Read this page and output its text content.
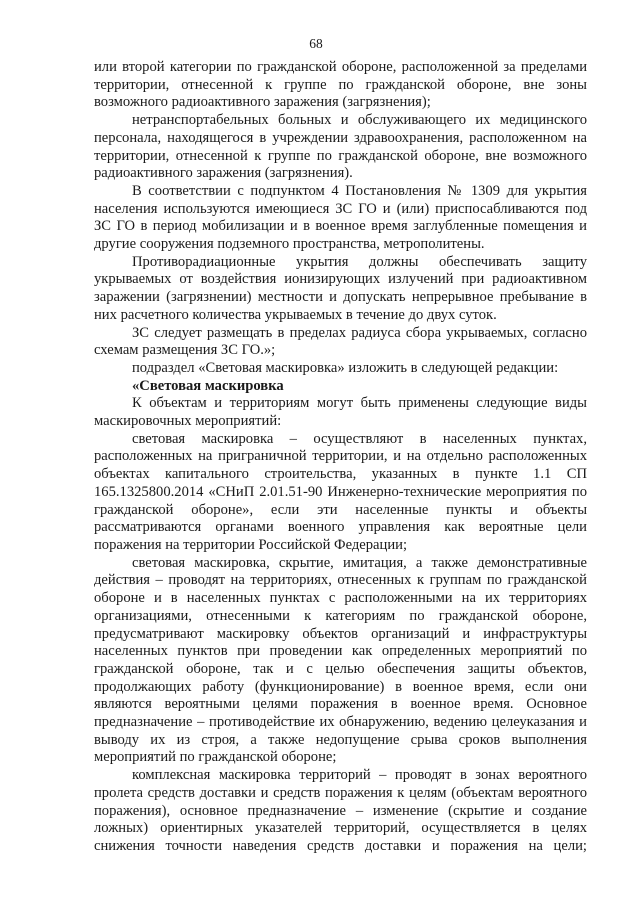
68

или второй категории по гражданской обороне, расположенной за пределами территории, отнесенной к группе по гражданской обороне, вне зоны возможного радиоактивного заражения (загрязнения);

нетранспортабельных больных и обслуживающего их медицинского персонала, находящегося в учреждении здравоохранения, расположенном на территории, отнесенной к группе по гражданской обороне, вне возможного радиоактивного заражения (загрязнения).

В соответствии с подпунктом 4 Постановления № 1309 для укрытия населения используются имеющиеся ЗС ГО и (или) приспосабливаются под ЗС ГО в период мобилизации и в военное время заглубленные помещения и другие сооружения подземного пространства, метрополитены.

Противорадиационные укрытия должны обеспечивать защиту укрываемых от воздействия ионизирующих излучений при радиоактивном заражении (загрязнении) местности и допускать непрерывное пребывание в них расчетного количества укрываемых в течение до двух суток.

ЗС следует размещать в пределах радиуса сбора укрываемых, согласно схемам размещения ЗС ГО.»;

подраздел «Световая маскировка» изложить в следующей редакции:

«Световая маскировка

К объектам и территориям могут быть применены следующие виды маскировочных мероприятий:

световая маскировка – осуществляют в населенных пунктах, расположенных на приграничной территории, и на отдельно расположенных объектах капитального строительства, указанных в пункте 1.1 СП 165.1325800.2014 «СНиП 2.01.51-90 Инженерно-технические мероприятия по гражданской обороне», если эти населенные пункты и объекты рассматриваются органами военного управления как вероятные цели поражения на территории Российской Федерации;

световая маскировка, скрытие, имитация, а также демонстративные действия – проводят на территориях, отнесенных к группам по гражданской обороне и в населенных пунктах с расположенными на их территориях организациями, отнесенными к категориям по гражданской обороне, предусматривают маскировку объектов организаций и инфраструктуры населенных пунктов при проведении как определенных мероприятий по гражданской обороне, так и с целью обеспечения защиты объектов, продолжающих работу (функционирование) в военное время, если они являются вероятными целями поражения в военное время. Основное предназначение – противодействие их обнаружению, ведению целеуказания и выводу их из строя, а также недопущение срыва сроков выполнения мероприятий по гражданской обороне;

комплексная маскировка территорий – проводят в зонах вероятного пролета средств доставки и средств поражения к целям (объектам вероятного поражения), основное предназначение – изменение (скрытие и создание ложных) ориентирных указателей территорий, осуществляется в целях снижения точности наведения средств доставки и поражения на цели;
